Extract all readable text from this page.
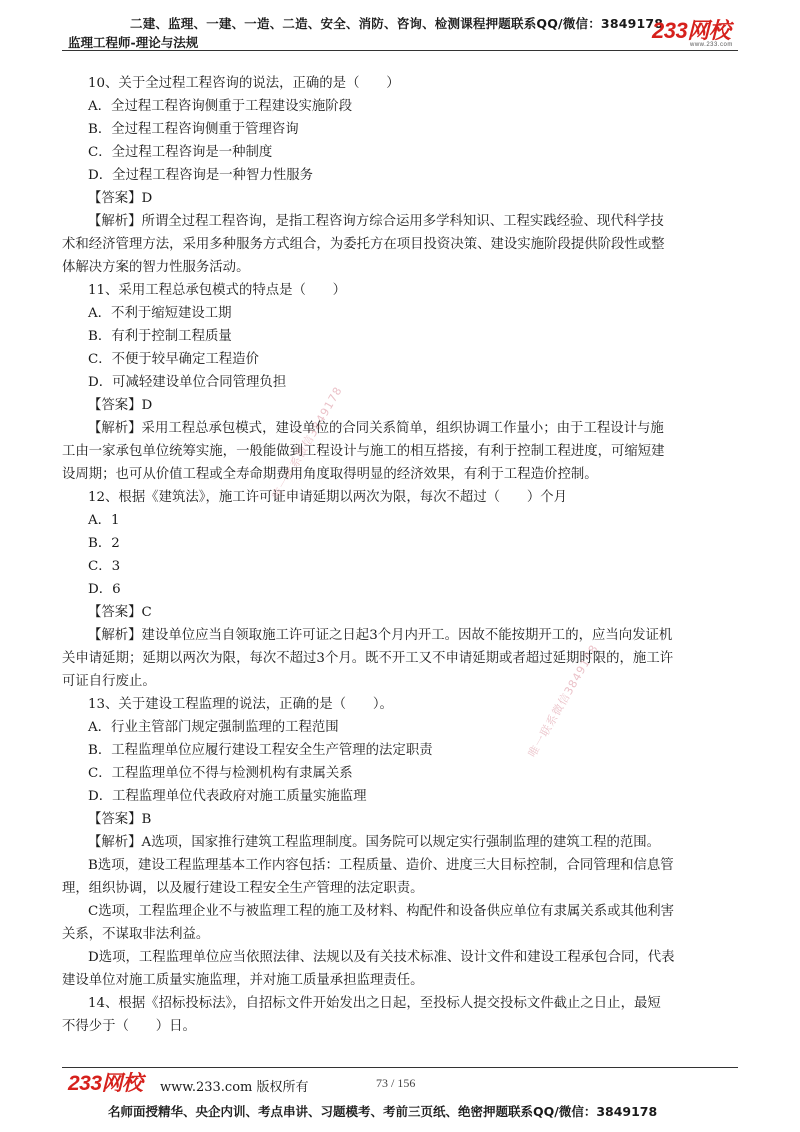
二建、监理、一建、一造、二造、安全、消防、咨询、检测课程押题联系QQ/微信：3849178
监理工程师-理论与法规	233网校
www.233.com
唯一联系微信3849178
唯一联系微信3849178
10、关于全过程工程咨询的说法，正确的是（　　）
A．全过程工程咨询侧重于工程建设实施阶段
B．全过程工程咨询侧重于管理咨询
C．全过程工程咨询是一种制度
D．全过程工程咨询是一种智力性服务
【答案】D
【解析】所谓全过程工程咨询，是指工程咨询方综合运用多学科知识、工程实践经验、现代科学技
术和经济管理方法，采用多种服务方式组合，为委托方在项目投资决策、建设实施阶段提供阶段性或整
体解决方案的智力性服务活动。
11、采用工程总承包模式的特点是（　　）
A．不利于缩短建设工期
B．有利于控制工程质量
C．不便于较早确定工程造价
D．可减轻建设单位合同管理负担
【答案】D
【解析】采用工程总承包模式，建设单位的合同关系简单，组织协调工作量小；由于工程设计与施
工由一家承包单位统筹实施，一般能做到工程设计与施工的相互搭接，有利于控制工程进度，可缩短建
设周期；也可从价值工程或全寿命期费用角度取得明显的经济效果，有利于工程造价控制。
12、根据《建筑法》，施工许可证申请延期以两次为限，每次不超过（　　）个月
A．1
B．2
C．3
D．6
【答案】C
【解析】建设单位应当自领取施工许可证之日起3个月内开工。因故不能按期开工的，应当向发证机
关申请延期；延期以两次为限，每次不超过3个月。既不开工又不申请延期或者超过延期时限的，施工许
可证自行废止。
13、关于建设工程监理的说法，正确的是（　　）。
A．行业主管部门规定强制监理的工程范围
B．工程监理单位应履行建设工程安全生产管理的法定职责
C．工程监理单位不得与检测机构有隶属关系
D．工程监理单位代表政府对施工质量实施监理
【答案】B
【解析】A选项，国家推行建筑工程监理制度。国务院可以规定实行强制监理的建筑工程的范围。
B选项，建设工程监理基本工作内容包括：工程质量、造价、进度三大目标控制，合同管理和信息管
理，组织协调，以及履行建设工程安全生产管理的法定职责。
C选项，工程监理企业不与被监理工程的施工及材料、构配件和设备供应单位有隶属关系或其他利害
关系，不谋取非法利益。
D选项，工程监理单位应当依照法律、法规以及有关技术标准、设计文件和建设工程承包合同，代表
建设单位对施工质量实施监理，并对施工质量承担监理责任。
14、根据《招标投标法》，自招标文件开始发出之日起，至投标人提交投标文件截止之日止，最短
不得少于（　　）日。
233网校 www.233.com 版权所有	73 / 156
名师面授精华、央企内训、考点串讲、习题模考、考前三页纸、绝密押题联系QQ/微信：3849178
